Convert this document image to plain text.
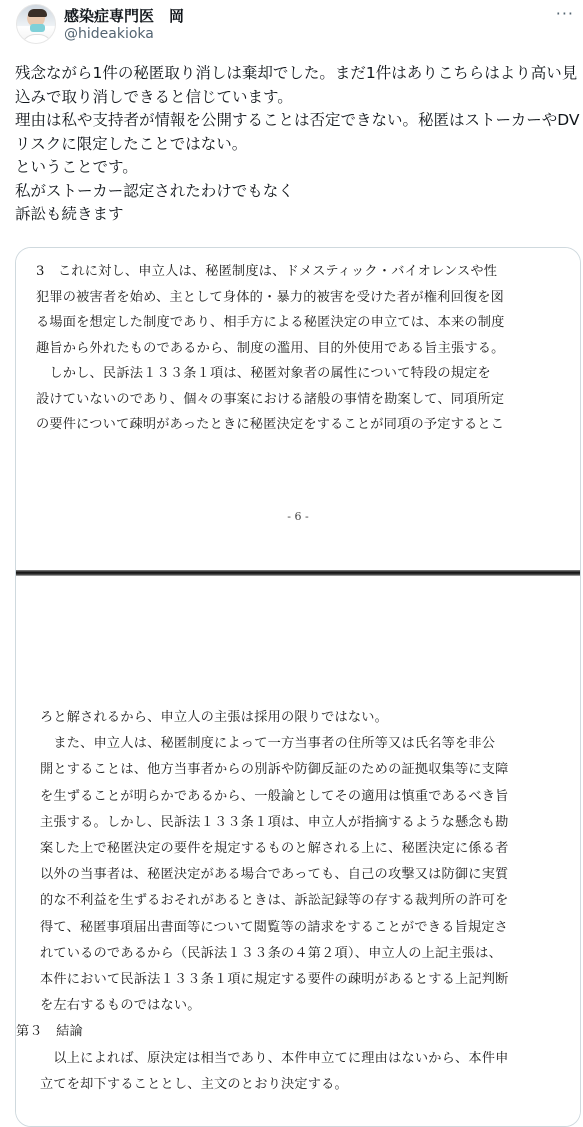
感染症専門医　岡
@hideakioka
···
残念ながら1件の秘匿取り消しは棄却でした。まだ1件はありこちらはより高い見込みで取り消しできると信じています。
理由は私や支持者が情報を公開することは否定できない。秘匿はストーカーやDVリスクに限定したことではない。
ということです。
私がストーカー認定されたわけでもなく
訴訟も続きます
3　これに対し、申立人は、秘匿制度は、ドメスティック・バイオレンスや性
犯罪の被害者を始め、主として身体的・暴力的被害を受けた者が権利回復を図
る場面を想定した制度であり、相手方による秘匿決定の申立ては、本来の制度
趣旨から外れたものであるから、制度の濫用、目的外使用である旨主張する。
　しかし、民訴法１３３条１項は、秘匿対象者の属性について特段の規定を
設けていないのであり、個々の事案における諸般の事情を勘案して、同項所定
の要件について疎明があったときに秘匿決定をすることが同項の予定するとこ
- 6 -
ろと解されるから、申立人の主張は採用の限りではない。
　また、申立人は、秘匿制度によって一方当事者の住所等又は氏名等を非公
開とすることは、他方当事者からの別訴や防御反証のための証拠収集等に支障
を生ずることが明らかであるから、一般論としてその適用は慎重であるべき旨
主張する。しかし、民訴法１３３条１項は、申立人が指摘するような懸念も勘
案した上で秘匿決定の要件を規定するものと解される上に、秘匿決定に係る者
以外の当事者は、秘匿決定がある場合であっても、自己の攻撃又は防御に実質
的な不利益を生ずるおそれがあるときは、訴訟記録等の存する裁判所の許可を
得て、秘匿事項届出書面等について閲覧等の請求をすることができる旨規定さ
れているのであるから（民訴法１３３条の４第２項）、申立人の上記主張は、
本件において民訴法１３３条１項に規定する要件の疎明があるとする上記判断
を左右するものではない。
第３　結論
　以上によれば、原決定は相当であり、本件申立てに理由はないから、本件申
立てを却下することとし、主文のとおり決定する。
